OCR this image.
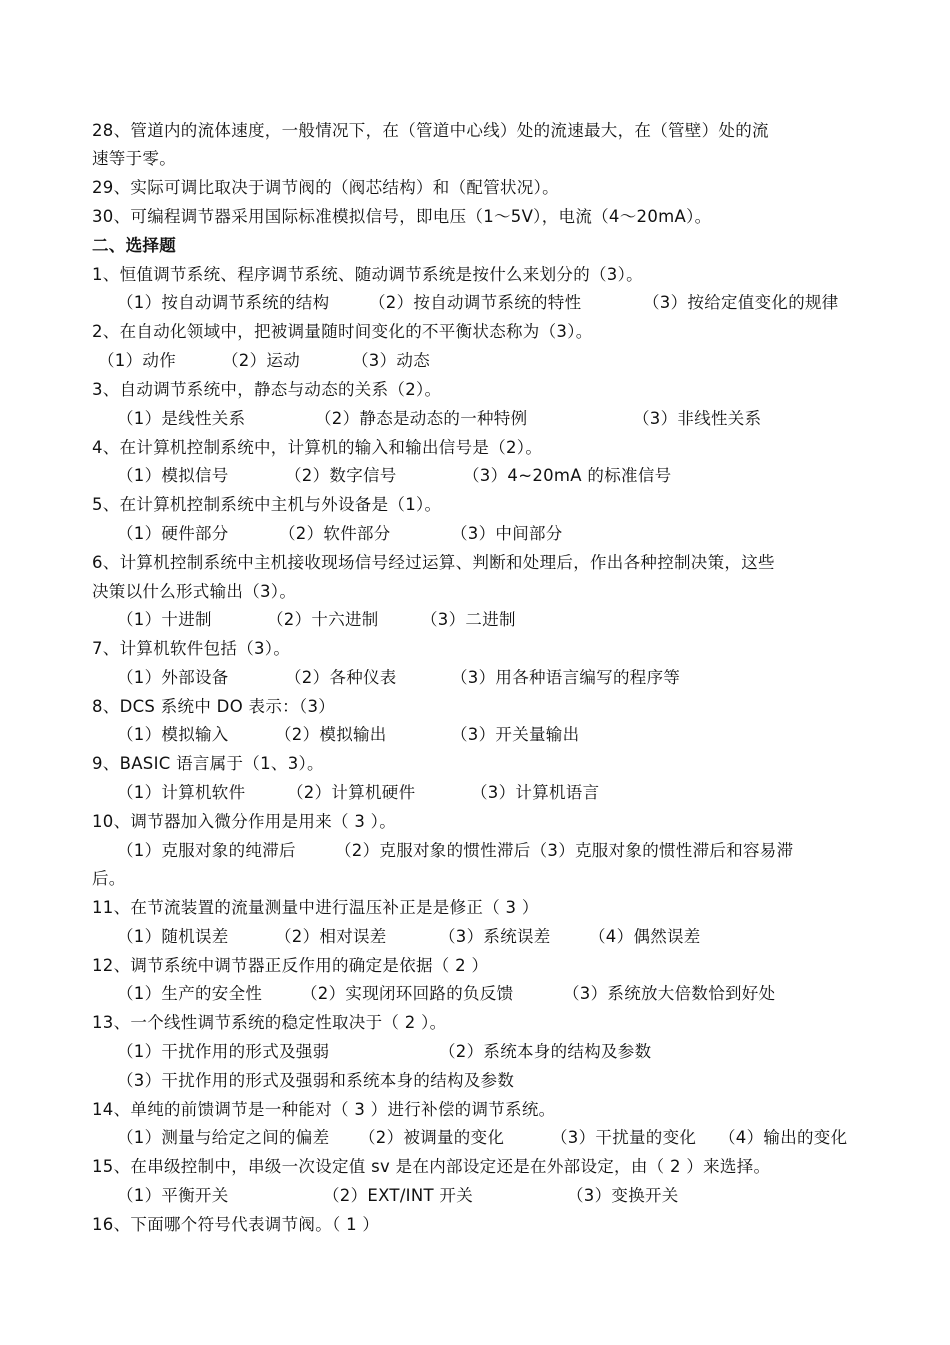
28、管道内的流体速度，一般情况下，在（管道中心线）处的流速最大，在（管壁）处的流
速等于零。
29、实际可调比取决于调节阀的（阀芯结构）和（配管状况）。
30、可编程调节器采用国际标准模拟信号，即电压（1～5V），电流（4～20mA）。
二、选择题
1、恒值调节系统、程序调节系统、随动调节系统是按什么来划分的（3）。
（1）按自动调节系统的结构 （2）按自动调节系统的特性	（3）按给定值变化的规律
2、在自动化领域中，把被调量随时间变化的不平衡状态称为（3）。
（1）动作	（2）运动	（3）动态
3、自动调节系统中，静态与动态的关系（2）。
（1）是线性关系	（2）静态是动态的一种特例	（3）非线性关系
4、在计算机控制系统中，计算机的输入和输出信号是（2）。
（1）模拟信号	（2）数字信号	（3）4~20mA 的标准信号
5、在计算机控制系统中主机与外设备是（1）。
（1）硬件部分	（2）软件部分	（3）中间部分
6、计算机控制系统中主机接收现场信号经过运算、判断和处理后，作出各种控制决策，这些
决策以什么形式输出（3）。
（1）十进制	（2）十六进制	（3）二进制
7、计算机软件包括（3）。
（1）外部设备	（2）各种仪表	（3）用各种语言编写的程序等
8、DCS 系统中 DO 表示：（3）
（1）模拟输入	（2）模拟输出	（3）开关量输出
9、BASIC 语言属于（1、3）。
（1）计算机软件	（2）计算机硬件	（3）计算机语言
10、调节器加入微分作用是用来（ 3 ）。
（1）克服对象的纯滞后 （2）克服对象的惯性滞后（3）克服对象的惯性滞后和容易滞
后。
11、在节流装置的流量测量中进行温压补正是是修正（ 3 ）
（1）随机误差	（2）相对误差	（3）系统误差 （4）偶然误差
12、调节系统中调节器正反作用的确定是依据（ 2 ）
（1）生产的安全性 （2）实现闭环回路的负反馈	（3）系统放大倍数恰到好处
13、一个线性调节系统的稳定性取决于（ 2 ）。
（1）干扰作用的形式及强弱	（2）系统本身的结构及参数
（3）干扰作用的形式及强弱和系统本身的结构及参数
14、单纯的前馈调节是一种能对（ 3 ）进行补偿的调节系统。
（1）测量与给定之间的偏差 （2）被调量的变化	（3）干扰量的变化 （4）输出的变化
15、在串级控制中，串级一次设定值 sv 是在内部设定还是在外部设定，由（ 2 ）来选择。
（1）平衡开关	（2）EXT/INT 开关	（3）变换开关
16、下面哪个符号代表调节阀。（ 1 ）
